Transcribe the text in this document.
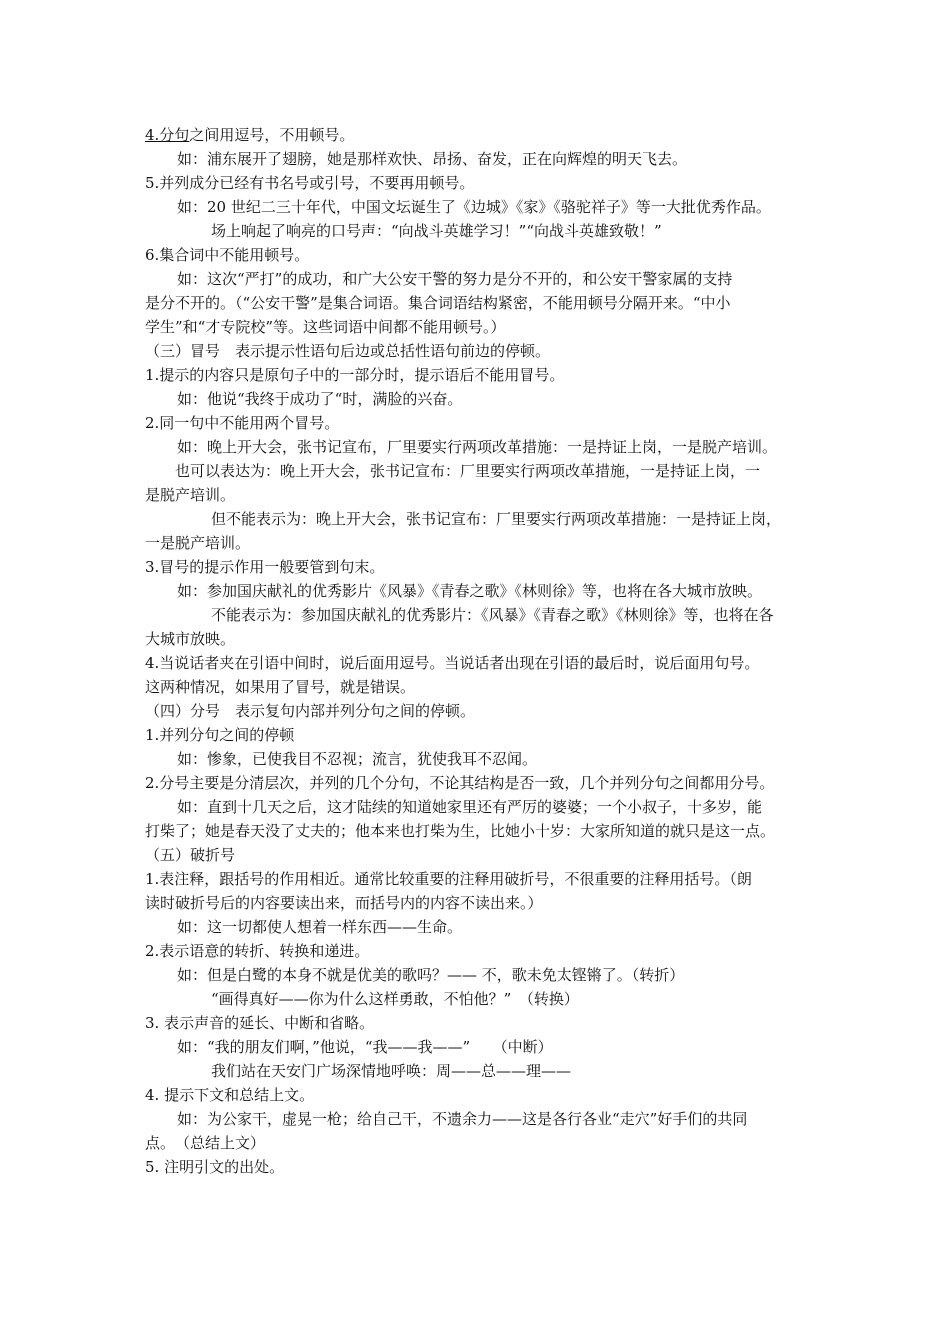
4.分句之间用逗号，不用顿号。
如：浦东展开了翅膀，她是那样欢快、昂扬、奋发，正在向辉煌的明天飞去。
5.并列成分已经有书名号或引号，不要再用顿号。
如：20 世纪二三十年代，中国文坛诞生了《边城》《家》《骆驼祥子》等一大批优秀作品。
场上响起了响亮的口号声：“向战斗英雄学习！”“向战斗英雄致敬！”
6.集合词中不能用顿号。
如：这次“严打”的成功，和广大公安干警的努力是分不开的，和公安干警家属的支持
是分不开的。（“公安干警”是集合词语。集合词语结构紧密，不能用顿号分隔开来。“中小
学生”和“才专院校”等。这些词语中间都不能用顿号。）
（三）冒号　表示提示性语句后边或总括性语句前边的停顿。
1.提示的内容只是原句子中的一部分时，提示语后不能用冒号。
如：他说“我终于成功了“时，满脸的兴奋。
2.同一句中不能用两个冒号。
如：晚上开大会，张书记宣布，厂里要实行两项改革措施：一是持证上岗，一是脱产培训。
也可以表达为：晚上开大会，张书记宣布：厂里要实行两项改革措施，一是持证上岗，一
是脱产培训。
但不能表示为：晚上开大会，张书记宣布：厂里要实行两项改革措施：一是持证上岗，
一是脱产培训。
3.冒号的提示作用一般要管到句末。
如：参加国庆献礼的优秀影片《风暴》《青春之歌》《林则徐》等，也将在各大城市放映。
不能表示为：参加国庆献礼的优秀影片：《风暴》《青春之歌》《林则徐》等，也将在各
大城市放映。
4.当说话者夹在引语中间时，说后面用逗号。当说话者出现在引语的最后时，说后面用句号。
这两种情况，如果用了冒号，就是错误。
（四）分号　表示复句内部并列分句之间的停顿。
1.并列分句之间的停顿
如：惨象，已使我目不忍视；流言，犹使我耳不忍闻。
2.分号主要是分清层次，并列的几个分句，不论其结构是否一致，几个并列分句之间都用分号。
如：直到十几天之后，这才陆续的知道她家里还有严厉的婆婆；一个小叔子，十多岁，能
打柴了；她是春天没了丈夫的；他本来也打柴为生，比她小十岁：大家所知道的就只是这一点。
（五）破折号
1.表注释，跟括号的作用相近。通常比较重要的注释用破折号，不很重要的注释用括号。（朗
读时破折号后的内容要读出来，而括号内的内容不读出来。）
如：这一切都使人想着一样东西——生命。
2.表示语意的转折、转换和递进。
如：但是白鹭的本身不就是优美的歌吗？—— 不，歌未免太铿锵了。（转折）
“画得真好——你为什么这样勇敢，不怕他？”　（转换）
3. 表示声音的延长、中断和省略。
如：“我的朋友们啊，”他说，“我——我——”　　（中断）
我们站在天安门广场深情地呼唤：周——总——理——
4. 提示下文和总结上文。
如：为公家干，虚晃一枪；给自己干，不遗余力——这是各行各业“走穴”好手们的共同
点。　（总结上文）
5. 注明引文的出处。
